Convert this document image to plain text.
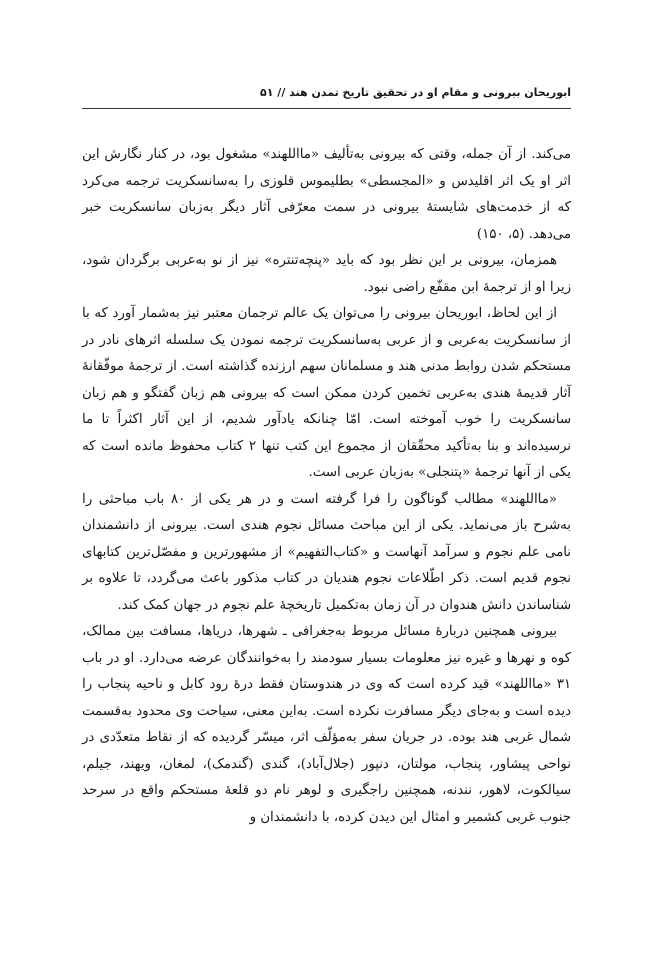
ابوریحان بیرونی و مقام او در تحقیق تاریخ تمدن هند // ۵۱

می‌کند. از آن جمله، وقتی که بیرونی به‌تألیف «مااللهند» مشغول بود، در کنار نگارش این اثر او یک اثر اقلیدس و «المجسطی» بطلیموس قلوزی را به‌سانسکریت ترجمه می‌کرد که از خدمت‌های شایستهٔ بیرونی در سمت معرّفی آثار دیگر به‌زبان سانسکریت خبر می‌دهد. (۵، ۱۵۰)

همزمان، بیرونی بر این نظر بود که باید «پنچه‌تنتره» نیز از نو به‌عربی برگردان شود، زیرا او از ترجمهٔ ابن مقفّع راضی نبود.

از این لحاظ، ابوریحان بیرونی را می‌توان یک عالم ترجمان معتبر نیز به‌شمار آورد که با از سانسکریت به‌عربی و از عربی به‌سانسکریت ترجمه نمودن یک سلسله اثرهای نادر در مستحکم شدن روابط مدنی هند و مسلمانان سهم ارزنده گذاشته است. از ترجمهٔ موفّقانهٔ آثار قدیمهٔ هندی به‌عربی تخمین کردن ممکن است که بیرونی هم زبان گفتگو و هم زبان سانسکریت را خوب آموخته است. امّا چنانکه یادآور شدیم، از این آثار اکثراً تا ما نرسیده‌اند و بنا به‌تأکید محقّقان از مجموع این کتب تنها ۲ کتاب محفوظ مانده است که یکی از آنها ترجمهٔ «پتنجلی» به‌زبان عربی است.

«مااللهند» مطالب گوناگون را فرا گرفته است و در هر یکی از ۸۰ باب مباحثی را به‌شرح باز می‌نماید. یکی از این مباحث مسائل نجوم هندی است. بیرونی از دانشمندان نامی علم نجوم و سرآمد آنهاست و «کتاب‌التفهیم» از مشهورترین و مفصّل‌ترین کتابهای نجوم قدیم است. ذکر اطّلاعات نجوم هندیان در کتاب مذکور باعث می‌گردد، تا علاوه بر شناساندن دانش هندوان در آن زمان به‌تکمیل تاریخچهٔ علم نجوم در جهان کمک کند.

بیرونی همچنین دربارهٔ مسائل مربوط به‌جغرافی ـ شهرها، دریاها، مسافت بین ممالک، کوه و نهرها و غیره نیز معلومات بسیار سودمند را به‌خوانندگان عرضه می‌دارد. او در باب ۳۱ «مااللهند» قید کرده است که وی در هندوستان فقط درهٔ رود کابل و ناحیه پنجاب را دیده است و به‌جای دیگر مسافرت نکرده است. به‌این معنی، سیاحت وی محدود به‌قسمت شمال غربی هند بوده. در جریان سفر به‌مؤلّف اثر، میسّر گردیده که از نقاط متعدّدی در نواحی پیشاور، پنجاب، مولتان، دنپور (جلال‌آباد)، گندی (گندمک)، لمغان، ویهند، جیلم، سیالکوت، لاهور، نندنه، همچنین راجگیری و لوهر نام دو قلعهٔ مستحکم واقع در سرحد جنوب غربی کشمیر و امثال این دیدن کرده، با دانشمندان و
